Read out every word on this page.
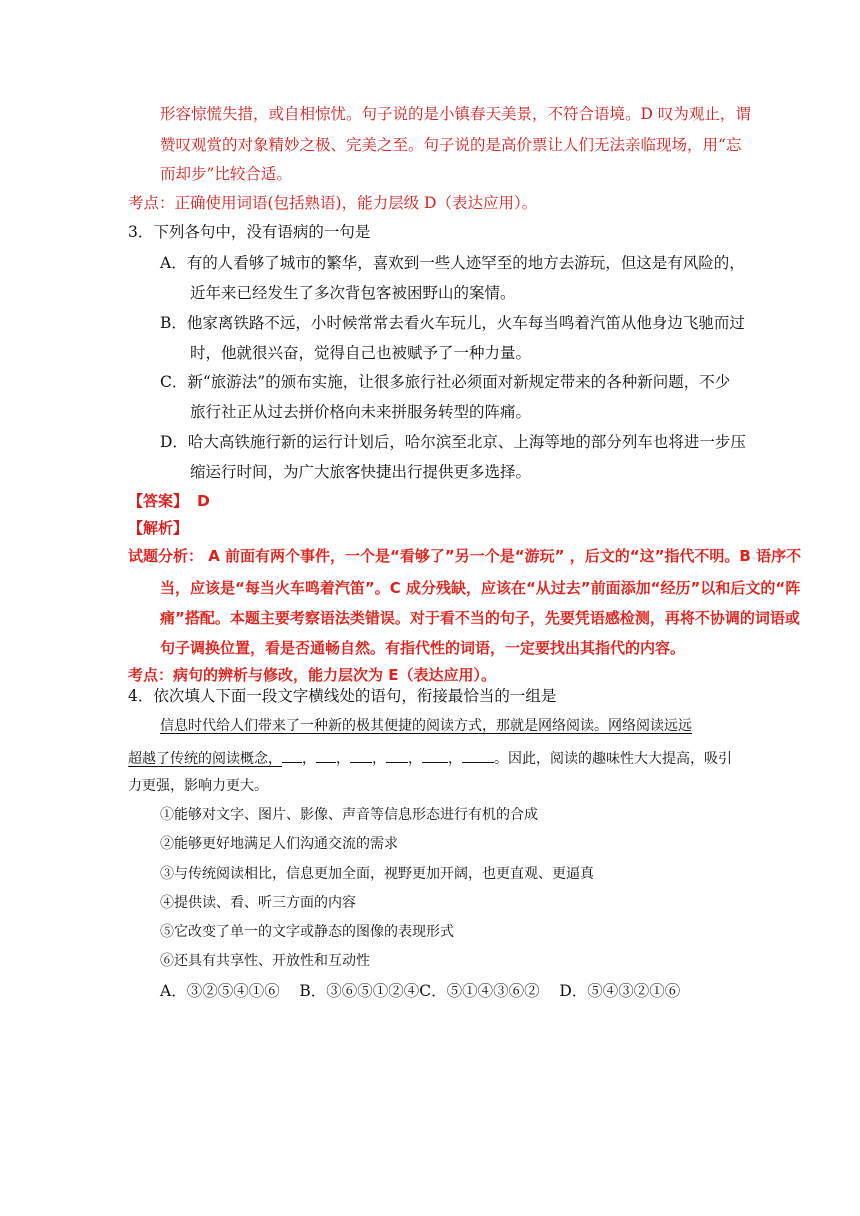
形容惊慌失措，或自相惊忧。句子说的是小镇春天美景，不符合语境。D 叹为观止，谓
赞叹观赏的对象精妙之极、完美之至。句子说的是高价票让人们无法亲临现场，用“忘
而却步”比较合适。
考点：正确使用词语(包括熟语)，能力层级 D（表达应用）。
3．下列各句中，没有语病的一句是
A．有的人看够了城市的繁华，喜欢到一些人迹罕至的地方去游玩，但这是有风险的，
近年来已经发生了多次背包客被困野山的案情。
B．他家离铁路不远，小时候常常去看火车玩儿，火车每当鸣着汽笛从他身边飞驰而过
时，他就很兴奋，觉得自己也被赋予了一种力量。
C．新“旅游法”的颁布实施，让很多旅行社必须面对新规定带来的各种新问题，不少
旅行社正从过去拼价格向未来拼服务转型的阵痛。
D．哈大高铁施行新的运行计划后，哈尔滨至北京、上海等地的部分列车也将进一步压
缩运行时间，为广大旅客快捷出行提供更多选择。
【答案】 D
【解析】
试题分析： A 前面有两个事件，一个是“看够了”另一个是“游玩” ，后文的“这”指代不明。B 语序不
当，应该是“每当火车鸣着汽笛”。C 成分残缺，应该在“从过去”前面添加“经历”以和后文的“阵
痛”搭配。本题主要考察语法类错误。对于看不当的句子，先要凭语感检测，再将不协调的词语或
句子调换位置，看是否通畅自然。有指代性的词语，一定要找出其指代的内容。
考点：病句的辨析与修改，能力层次为 E（表达应用）。
4．依次填人下面一段文字横线处的语句，衔接最恰当的一组是
信息时代给人们带来了一种新的极其便捷的阅读方式，那就是网络阅读。网络阅读远远
超越了传统的阅读概念， ， ， ， ， ， 。因此，阅读的趣味性大大提高，吸引
力更强，影响力更大。
①能够对文字、图片、影像、声音等信息形态进行有机的合成
②能够更好地满足人们沟通交流的需求
③与传统阅读相比，信息更加全面，视野更加开阔，也更直观、更逼真
④提供读、看、听三方面的内容
⑤它改变了单一的文字或静态的图像的表现形式
⑥还具有共享性、开放性和互动性
A．③②⑤④①⑥    B．③⑥⑤①②④C．⑤①④③⑥②    D．⑤④③②①⑥
